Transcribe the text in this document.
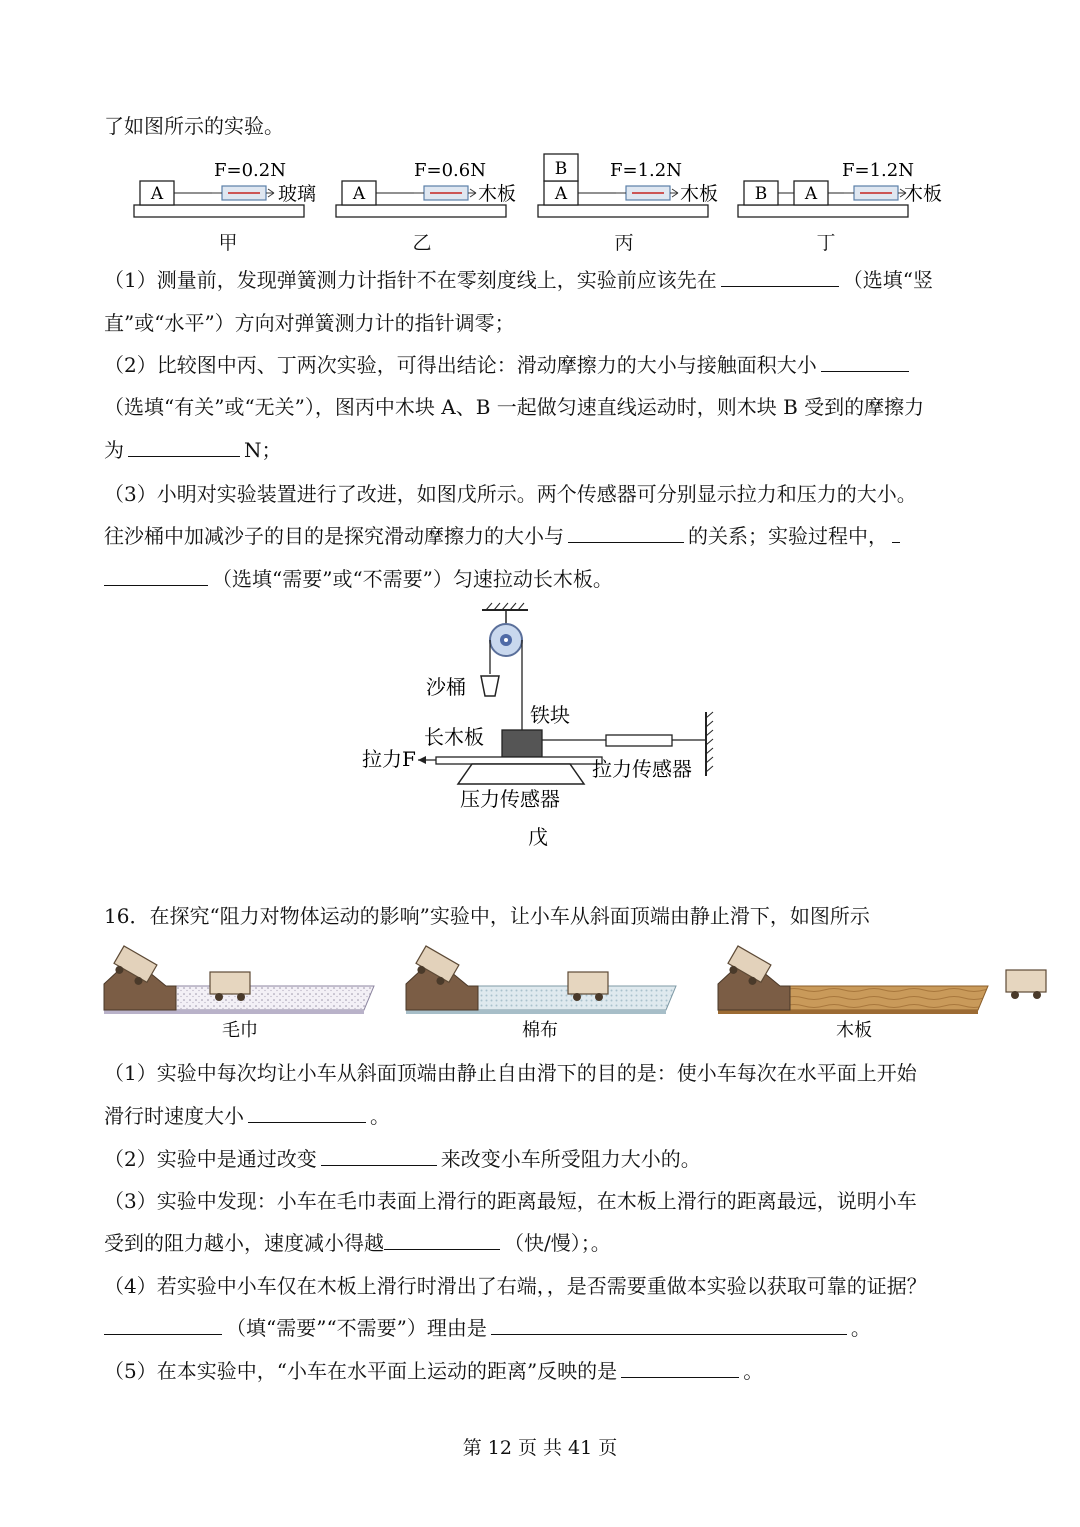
了如图所示的实验。
A
F=0.2N
玻璃 A
F=0.6N
木板 A
B F=1.2N
木板 B A
F=1.2N
木板
甲	乙	丙	丁
（1）测量前，发现弹簧测力计指针不在零刻度线上，实验前应该先在	（选填“竖
直”或“水平”）方向对弹簧测力计的指针调零；
（2）比较图中丙、丁两次实验，可得出结论：滑动摩擦力的大小与接触面积大小
（选填“有关”或“无关”），图丙中木块 A、B 一起做匀速直线运动时，则木块 B 受到的摩擦力
为	N；
（3）小明对实验装置进行了改进，如图戊所示。两个传感器可分别显示拉力和压力的大小。
往沙桶中加减沙子的目的是探究滑动摩擦力的大小与	的关系；实验过程中，
（选填“需要”或“不需要”）匀速拉动长木板。
沙桶
铁块
长木板
拉力F
压力传感器
拉力传感器
戊
16．在探究“阻力对物体运动的影响”实验中，让小车从斜面顶端由静止滑下，如图所示
毛巾	棉布	木板
（1）实验中每次均让小车从斜面顶端由静止自由滑下的目的是：使小车每次在水平面上开始
滑行时速度大小	。
（2）实验中是通过改变	来改变小车所受阻力大小的。
（3）实验中发现：小车在毛巾表面上滑行的距离最短，在木板上滑行的距离最远，说明小车
受到的阻力越小，速度减小得越	（快/慢）；。
（4）若实验中小车仅在木板上滑行时滑出了右端，，是否需要重做本实验以获取可靠的证据？
（填“需要”“不需要”）理由是	。
（5）在本实验中，“小车在水平面上运动的距离”反映的是	。
第 12 页 共 41 页
